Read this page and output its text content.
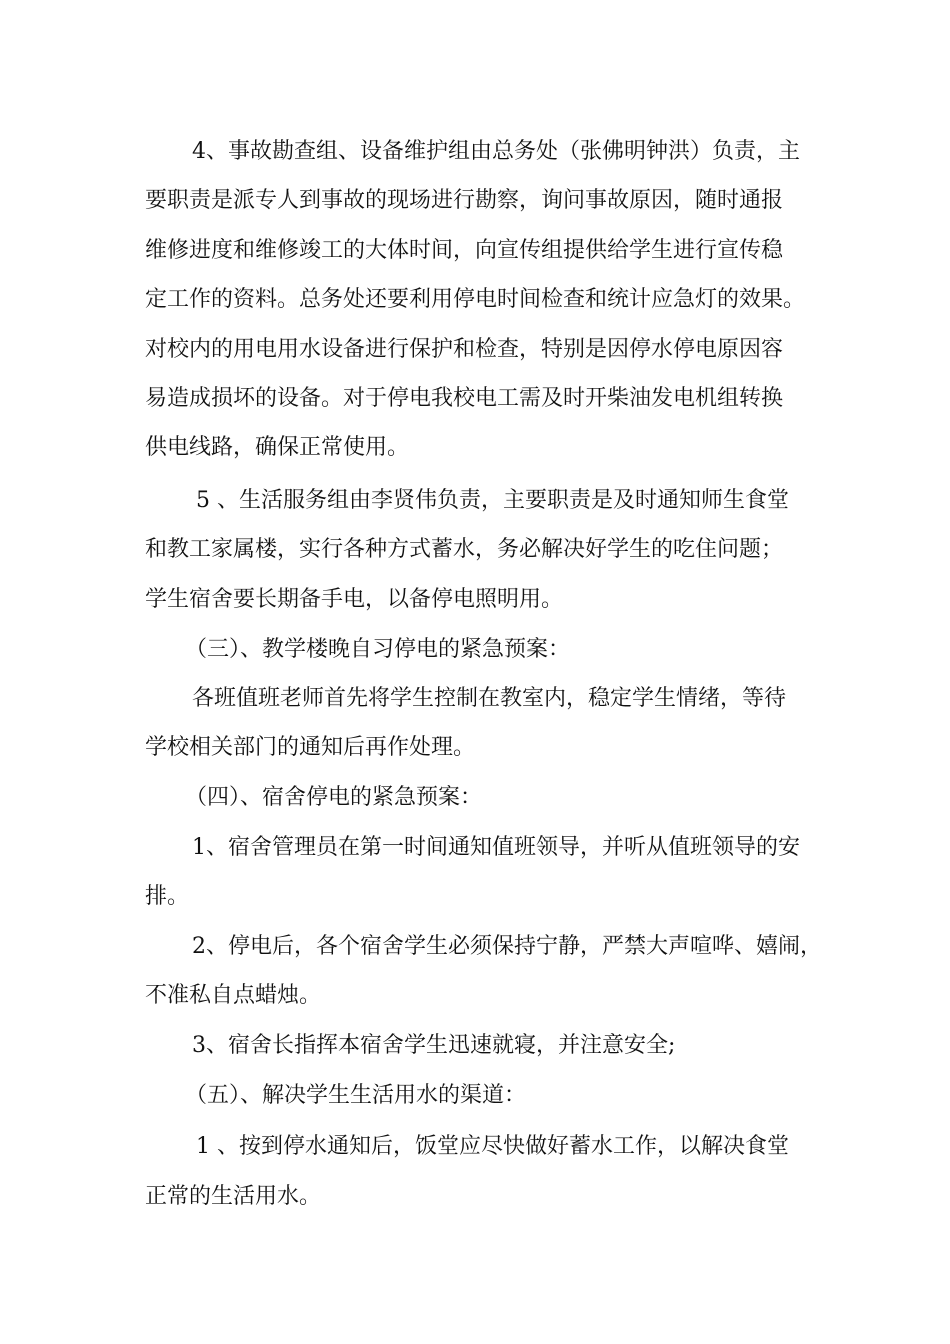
4、事故勘查组、设备维护组由总务处（张佛明钟洪）负责，主
要职责是派专人到事故的现场进行勘察，询问事故原因，随时通报
维修进度和维修竣工的大体时间，向宣传组提供给学生进行宣传稳
定工作的资料。总务处还要利用停电时间检查和统计应急灯的效果。
对校内的用电用水设备进行保护和检查，特别是因停水停电原因容
易造成损坏的设备。对于停电我校电工需及时开柴油发电机组转换
供电线路，确保正常使用。
5 、生活服务组由李贤伟负责，主要职责是及时通知师生食堂
和教工家属楼，实行各种方式蓄水，务必解决好学生的吃住问题；
学生宿舍要长期备手电，以备停电照明用。
（三）、教学楼晚自习停电的紧急预案：
各班值班老师首先将学生控制在教室内，稳定学生情绪，等待
学校相关部门的通知后再作处理。
（四）、宿舍停电的紧急预案：
1、宿舍管理员在第一时间通知值班领导，并听从值班领导的安
排。
2、停电后，各个宿舍学生必须保持宁静，严禁大声喧哗、嬉闹，
不准私自点蜡烛。
3、宿舍长指挥本宿舍学生迅速就寝，并注意安全;
（五）、解决学生生活用水的渠道：
1 、按到停水通知后，饭堂应尽快做好蓄水工作，以解决食堂
正常的生活用水。
